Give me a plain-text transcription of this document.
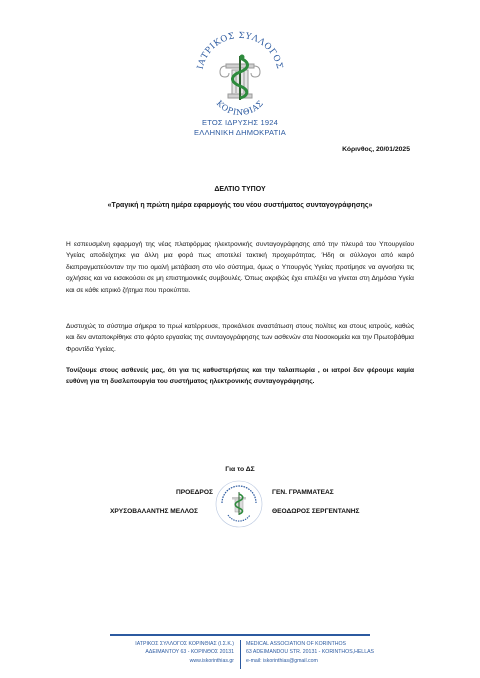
ΙΑΤΡΙΚΟΣ ΣΥΛΛΟΓΟΣ
ΚΟΡΙΝΘΙΑΣ
ΕΤΟΣ ΙΔΡΥΣΗΣ 1924
ΕΛΛΗΝΙΚΗ ΔΗΜΟΚΡΑΤΙΑ
Κόρινθος, 20/01/2025
ΔΕΛΤΙΟ ΤΥΠΟΥ
«Τραγική η πρώτη ημέρα εφαρμογής του νέου συστήματος συνταγογράφησης»
Η εσπευσμένη εφαρμογή της νέας πλατφόρμας ηλεκτρονικής συνταγογράφησης από την πλευρά του Υπουργείου Υγείας αποδείχτηκε για άλλη μια φορά πως αποτελεί τακτική προχειρότητας. Ήδη οι σύλλογοι από καιρό διαπραγματεύονταν την πιο ομαλή μετάβαση στο νέο σύστημα, όμως ο Υπουργός Υγείας προτίμησε να αγνοήσει τις οχλήσεις και να εισακούσει σε μη επιστημονικές συμβουλές. Όπως ακριβώς έχει επιλέξει να γίνεται στη Δημόσια Υγεία και σε κάθε ιατρικό ζήτημα που προκύπτει.
Δυστυχώς το σύστημα σήμερα το πρωί κατέρρευσε, προκάλεσε αναστάτωση στους πολίτες και στους ιατρούς, καθώς και δεν ανταποκρίθηκε στο φόρτο εργασίας της συνταγογράφησης των ασθενών στα Νοσοκομεία και την Πρωτοβάθμια Φροντίδα Υγείας.
Τονίζουμε στους ασθενείς μας, ότι για τις καθυστερήσεις και την ταλαιπωρία , οι ιατροί δεν φέρουμε καμία ευθύνη για τη δυσλειτουργία του συστήματος ηλεκτρονικής συνταγογράφησης.
Για το ΔΣ
ΠΡΟΕΔΡΟΣ	ΓΕΝ. ΓΡΑΜΜΑΤΕΑΣ
ΧΡΥΣΟΒΑΛΑΝΤΗΣ ΜΕΛΛΟΣ	ΘΕΟΔΩΡΟΣ ΣΕΡΓΕΝΤΑΝΗΣ
ΙΑΤΡΙΚΟΣ ΣΥΛΛΟΓΟΣ ΚΟΡΙΝΘΙΑΣ (Ι.Σ.Κ.)
ΑΔΕΙΜΑΝΤΟΥ 63 - ΚΟΡΙΝΘΟΣ 20131
www.iskorinthias.gr
MEDICAL ASSOCIATION OF KORINTHOS
63 ADEIMANDOU STR. 20131 - KORINTHOS,HELLAS
e-mail: iskorinthias@gmail.com
